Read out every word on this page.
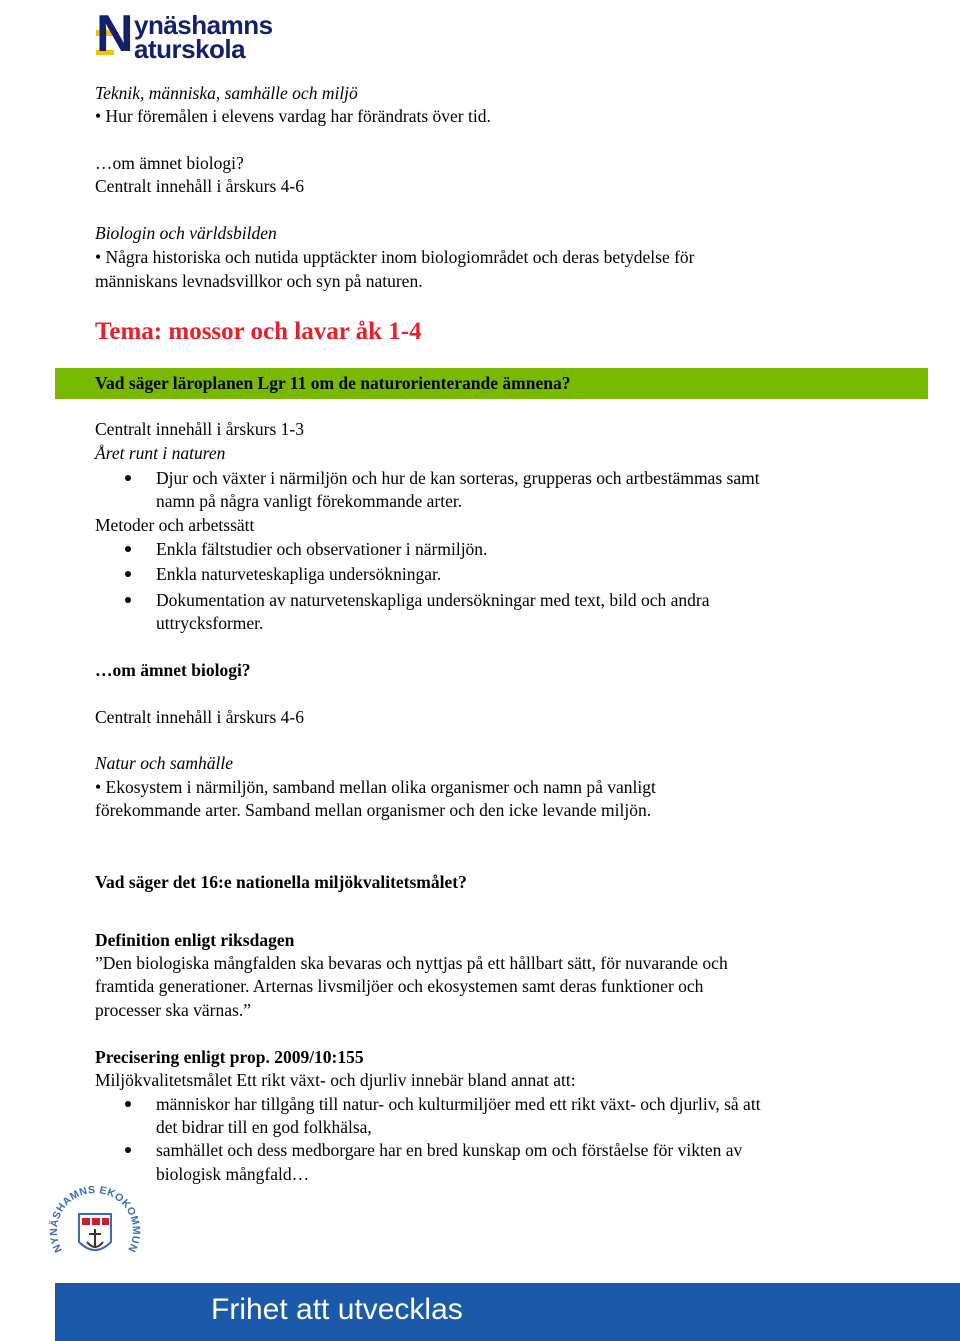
N ynäshamns
aturskola
Teknik, människa, samhälle och miljö
• Hur föremålen i elevens vardag har förändrats över tid.
…om ämnet biologi?
Centralt innehåll i årskurs 4-6
Biologin och världsbilden
• Några historiska och nutida upptäckter inom biologiområdet och deras betydelse för
människans levnadsvillkor och syn på naturen.
Tema: mossor och lavar åk 1-4
Vad säger läroplanen Lgr 11 om de naturorienterande ämnena?
Centralt innehåll i årskurs 1-3
Året runt i naturen
Djur och växter i närmiljön och hur de kan sorteras, grupperas och artbestämmas samt
namn på några vanligt förekommande arter.
Metoder och arbetssätt
Enkla fältstudier och observationer i närmiljön.
Enkla naturveteskapliga undersökningar.
Dokumentation av naturvetenskapliga undersökningar med text, bild och andra
uttrycksformer.
…om ämnet biologi?
Centralt innehåll i årskurs 4-6
Natur och samhälle
• Ekosystem i närmiljön, samband mellan olika organismer och namn på vanligt
förekommande arter. Samband mellan organismer och den icke levande miljön.
Vad säger det 16:e nationella miljökvalitetsmålet?
Definition enligt riksdagen
”Den biologiska mångfalden ska bevaras och nyttjas på ett hållbart sätt, för nuvarande och
framtida generationer. Arternas livsmiljöer och ekosystemen samt deras funktioner och
processer ska värnas.”
Precisering enligt prop. 2009/10:155
Miljökvalitetsmålet Ett rikt växt- och djurliv innebär bland annat att:
människor har tillgång till natur- och kulturmiljöer med ett rikt växt- och djurliv, så att
det bidrar till en god folkhälsa,
samhället och dess medborgare har en bred kunskap om och förståelse för vikten av
biologisk mångfald…
NYNÄSHAMNS EKOKOMMUN
Frihet att utvecklas
